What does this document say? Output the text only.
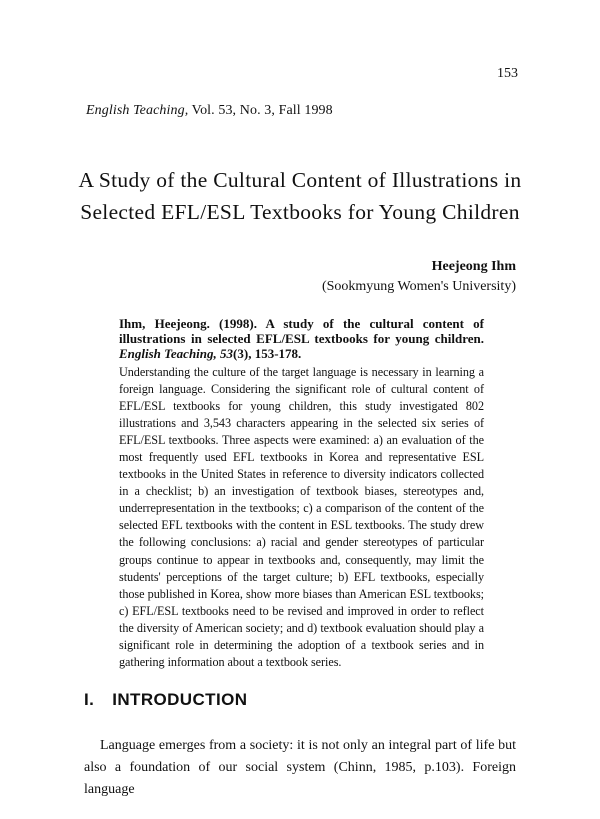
153
English Teaching, Vol. 53, No. 3, Fall 1998
A Study of the Cultural Content of Illustrations in
Selected EFL/ESL Textbooks for Young Children
Heejeong Ihm
(Sookmyung Women's University)
Ihm, Heejeong. (1998). A study of the cultural content of illustrations in selected EFL/ESL textbooks for young children. English Teaching, 53(3), 153-178.
Understanding the culture of the target language is necessary in learning a foreign language. Considering the significant role of cultural content of EFL/ESL textbooks for young children, this study investigated 802 illustrations and 3,543 characters appearing in the selected six series of EFL/ESL textbooks. Three aspects were examined: a) an evaluation of the most frequently used EFL textbooks in Korea and representative ESL textbooks in the United States in reference to diversity indicators collected in a checklist; b) an investigation of textbook biases, stereotypes and, underrepresentation in the textbooks; c) a comparison of the content of the selected EFL textbooks with the content in ESL textbooks. The study drew the following conclusions: a) racial and gender stereotypes of particular groups continue to appear in textbooks and, consequently, may limit the students' perceptions of the target culture; b) EFL textbooks, especially those published in Korea, show more biases than American ESL textbooks; c) EFL/ESL textbooks need to be revised and improved in order to reflect the diversity of American society; and d) textbook evaluation should play a significant role in determining the adoption of a textbook series and in gathering information about a textbook series.
I. INTRODUCTION
Language emerges from a society: it is not only an integral part of life but also a foundation of our social system (Chinn, 1985, p.103). Foreign language
